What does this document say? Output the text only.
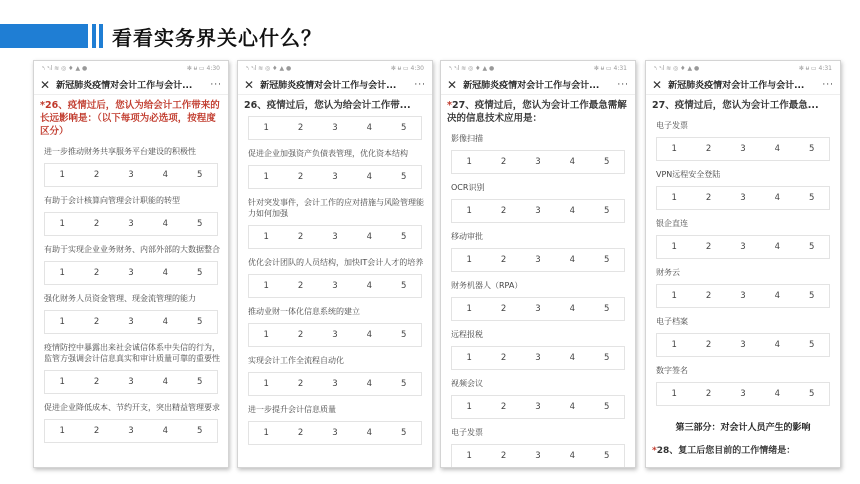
看看实务界关心什么？
ˢᵢ ˢᵢl ≋ ◎ ♦ ▲ ●	✻ ᵾ ▭ 4:30
✕ 新冠肺炎疫情对会计工作与会计...	···
*26、疫情过后，您认为给会计工作带来的长远影响是：（以下每项为必选项，按程度区分）
进一步推动财务共享服务平台建设的积极性
1	2	3	4	5
有助于会计核算向管理会计职能的转型
1	2	3	4	5
有助于实现企业业务财务、内部外部的大数据整合
1	2	3	4	5
强化财务人员资金管理、现金流管理的能力
1	2	3	4	5
疫情防控中暴露出来社会诚信体系中失信的行为，监管方强调会计信息真实和审计质量可靠的重要性
1	2	3	4	5
促进企业降低成本、节约开支，突出精益管理要求
1	2	3	4	5
ˢᵢ ˢᵢl ≋ ◎ ♦ ▲ ●	✻ ᵾ ▭ 4:30
✕ 新冠肺炎疫情对会计工作与会计...	···
26、疫情过后，您认为给会计工作带...
1	2	3	4	5
促进企业加强资产负债表管理，优化资本结构
1	2	3	4	5
针对突发事件，会计工作的应对措施与风险管理能力如何加强
1	2	3	4	5
优化会计团队的人员结构，加快IT会计人才的培养
1	2	3	4	5
推动业财一体化信息系统的建立
1	2	3	4	5
实现会计工作全流程自动化
1	2	3	4	5
进一步提升会计信息质量
1	2	3	4	5
ˢᵢ ˢᵢl ≋ ◎ ♦ ▲ ●	✻ ᵾ ▭ 4:31
✕ 新冠肺炎疫情对会计工作与会计...	···
*27、疫情过后，您认为会计工作最急需解决的信息技术应用是：
影像扫描
1	2	3	4	5
OCR识别
1	2	3	4	5
移动审批
1	2	3	4	5
财务机器人（RPA）
1	2	3	4	5
远程报税
1	2	3	4	5
视频会议
1	2	3	4	5
电子发票
1	2	3	4	5
ˢᵢ ˢᵢl ≋ ◎ ♦ ▲ ●	✻ ᵾ ▭ 4:31
✕ 新冠肺炎疫情对会计工作与会计...	···
27、疫情过后，您认为会计工作最急...
电子发票
1	2	3	4	5
VPN远程安全登陆
1	2	3	4	5
银企直连
1	2	3	4	5
财务云
1	2	3	4	5
电子档案
1	2	3	4	5
数字签名
1	2	3	4	5
第三部分：对会计人员产生的影响
*28、复工后您目前的工作情绪是：
